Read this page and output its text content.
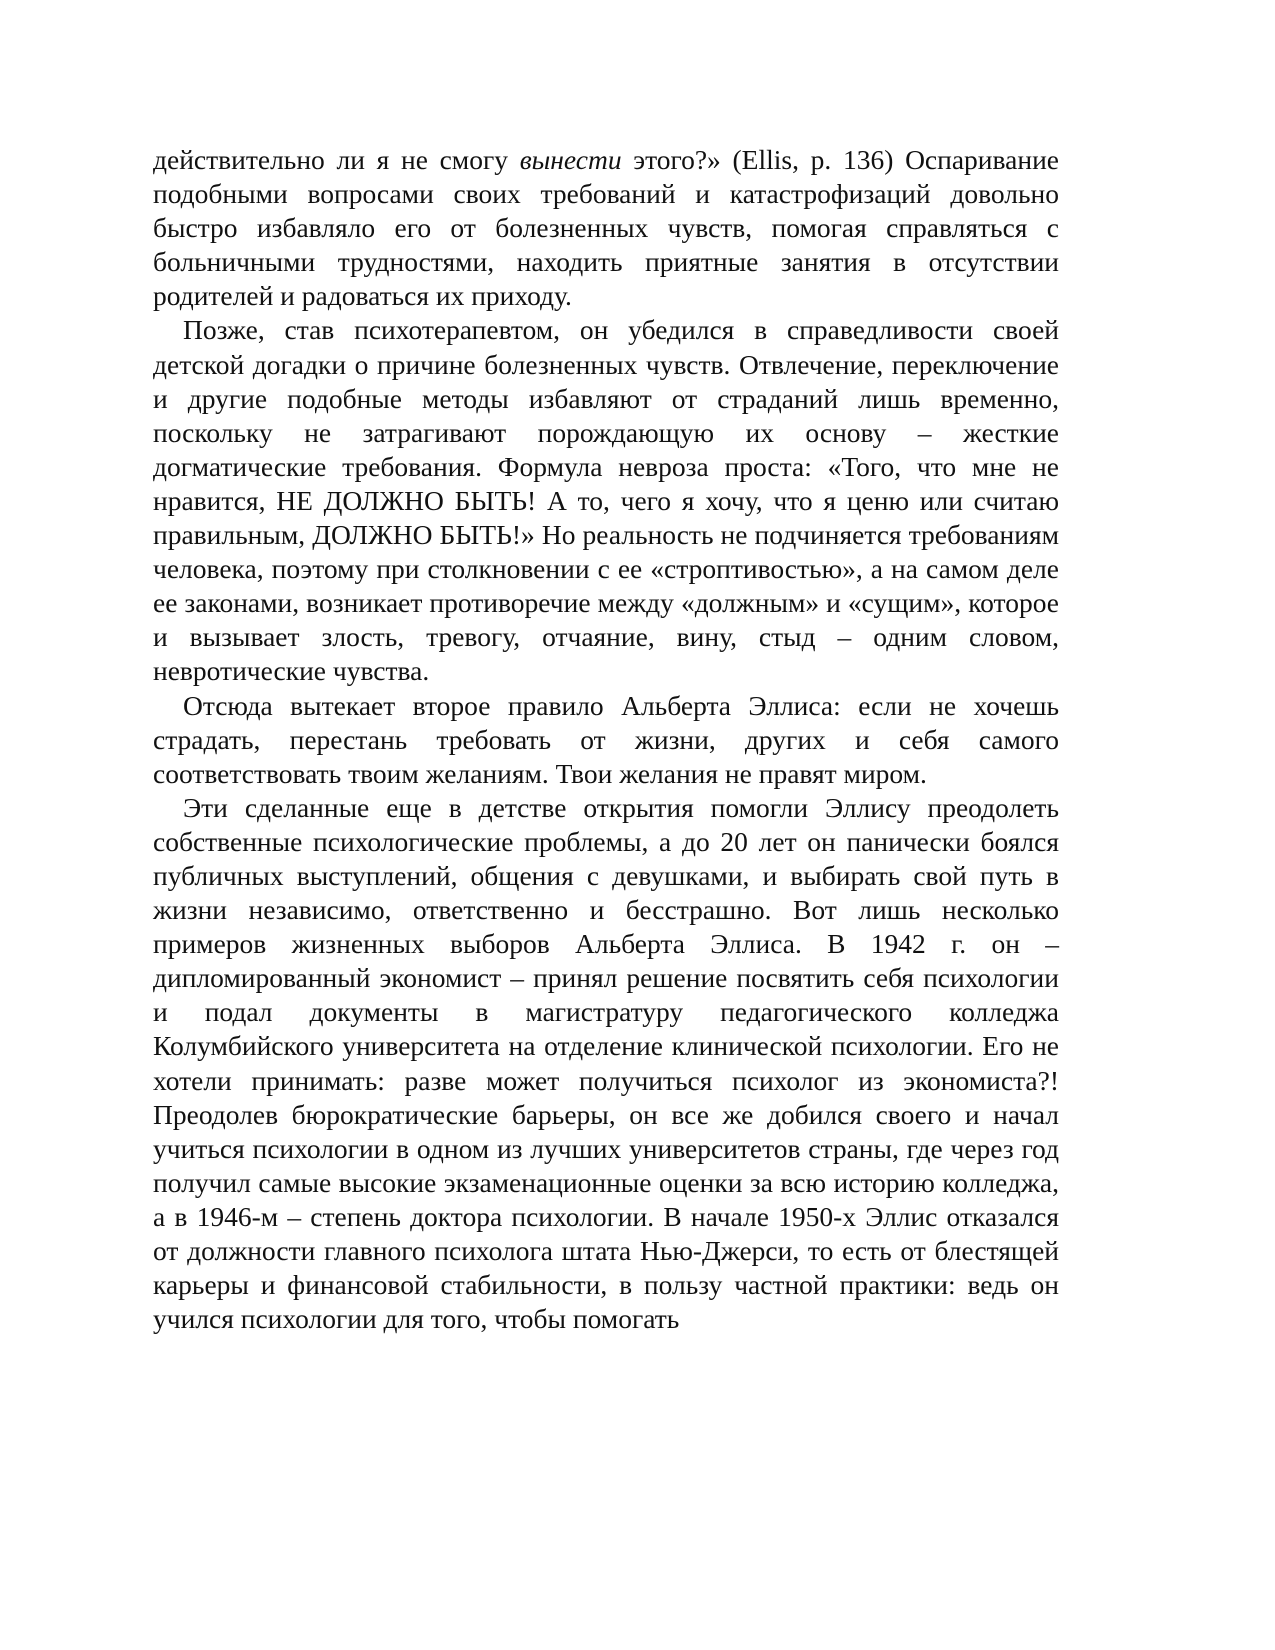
действительно ли я не смогу вынести этого?» (Ellis, p. 136) Оспаривание подобными вопросами своих требований и катастрофизаций довольно быстро избавляло его от болезненных чувств, помогая справляться с больничными трудностями, находить приятные занятия в отсутствии родителей и радоваться их приходу.

Позже, став психотерапевтом, он убедился в справедливости своей детской догадки о причине болезненных чувств. Отвлечение, переключение и другие подобные методы избавляют от страданий лишь временно, поскольку не затрагивают порождающую их основу – жесткие догматические требования. Формула невроза проста: «Того, что мне не нравится, НЕ ДОЛЖНО БЫТЬ! А то, чего я хочу, что я ценю или считаю правильным, ДОЛЖНО БЫТЬ!» Но реальность не подчиняется требованиям человека, поэтому при столкновении с ее «строптивостью», а на самом деле ее законами, возникает противоречие между «должным» и «сущим», которое и вызывает злость, тревогу, отчаяние, вину, стыд – одним словом, невротические чувства.

Отсюда вытекает второе правило Альберта Эллиса: если не хочешь страдать, перестань требовать от жизни, других и себя самого соответствовать твоим желаниям. Твои желания не правят миром.

Эти сделанные еще в детстве открытия помогли Эллису преодолеть собственные психологические проблемы, а до 20 лет он панически боялся публичных выступлений, общения с девушками, и выбирать свой путь в жизни независимо, ответственно и бесстрашно. Вот лишь несколько примеров жизненных выборов Альберта Эллиса. В 1942 г. он – дипломированный экономист – принял решение посвятить себя психологии и подал документы в магистратуру педагогического колледжа Колумбийского университета на отделение клинической психологии. Его не хотели принимать: разве может получиться психолог из экономиста?! Преодолев бюрократические барьеры, он все же добился своего и начал учиться психологии в одном из лучших университетов страны, где через год получил самые высокие экзаменационные оценки за всю историю колледжа, а в 1946-м – степень доктора психологии. В начале 1950-х Эллис отказался от должности главного психолога штата Нью-Джерси, то есть от блестящей карьеры и финансовой стабильности, в пользу частной практики: ведь он учился психологии для того, чтобы помогать
